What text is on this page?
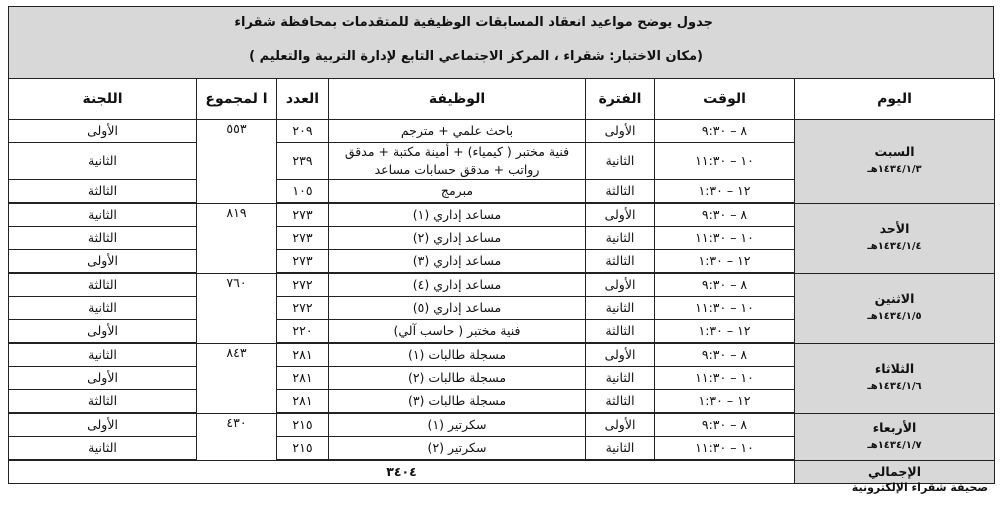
جدول يوضح مواعيد انعقاد المسابقات الوظيفية للمتقدمات بمحافظة شقراء
( مكان الاختبار: شقراء ، المركز الاجتماعي التابع لإدارة التربية والتعليم)
اليوم	الوقت	الفترة	الوظيفة	العدد	ا لمجموع	اللجنة
السبت
١٤٣٤/١/٣هـ	٨ – ٩:٣٠	الأولى	باحث علمي + مترجم	٢٠٩	٥٥٣	الأولى
	١٠ – ١١:٣٠	الثانية	فنية مختبر ( كيمياء) + أمينة مكتبة + مدقق رواتب + مدقق حسابات مساعد	٢٣٩		الثانية
	١٢ – ١:٣٠	الثالثة	مبرمج	١٠٥		الثالثة
الأحد
١٤٣٤/١/٤هـ	٨ – ٩:٣٠	الأولى	مساعد إداري (١)	٢٧٣	٨١٩	الثانية
	١٠ – ١١:٣٠	الثانية	مساعد إداري (٢)	٢٧٣		الثالثة
	١٢ – ١:٣٠	الثالثة	مساعد إداري (٣)	٢٧٣		الأولى
الاثنين
١٤٣٤/١/٥هـ	٨ – ٩:٣٠	الأولى	مساعد إداري (٤)	٢٧٢	٧٦٠	الثالثة
	١٠ – ١١:٣٠	الثانية	مساعد إداري (٥)	٢٧٢		الثانية
	١٢ – ١:٣٠	الثالثة	فنية مختبر ( حاسب آلي)	٢٢٠		الأولى
الثلاثاء
١٤٣٤/١/٦هـ	٨ – ٩:٣٠	الأولى	مسجلة طالبات (١)	٢٨١	٨٤٣	الثانية
	١٠ – ١١:٣٠	الثانية	مسجلة طالبات (٢)	٢٨١		الأولى
	١٢ – ١:٣٠	الثالثة	مسجلة طالبات (٣)	٢٨١		الثالثة
الأربعاء
١٤٣٤/١/٧هـ	٨ – ٩:٣٠	الأولى	سكرتير (١)	٢١٥	٤٣٠	الأولى
	١٠ – ١١:٣٠	الثانية	سكرتير (٢)	٢١٥		الثانية
الإجمالي	٣٤٠٤					
صحيفة شقراء الإلكترونية
